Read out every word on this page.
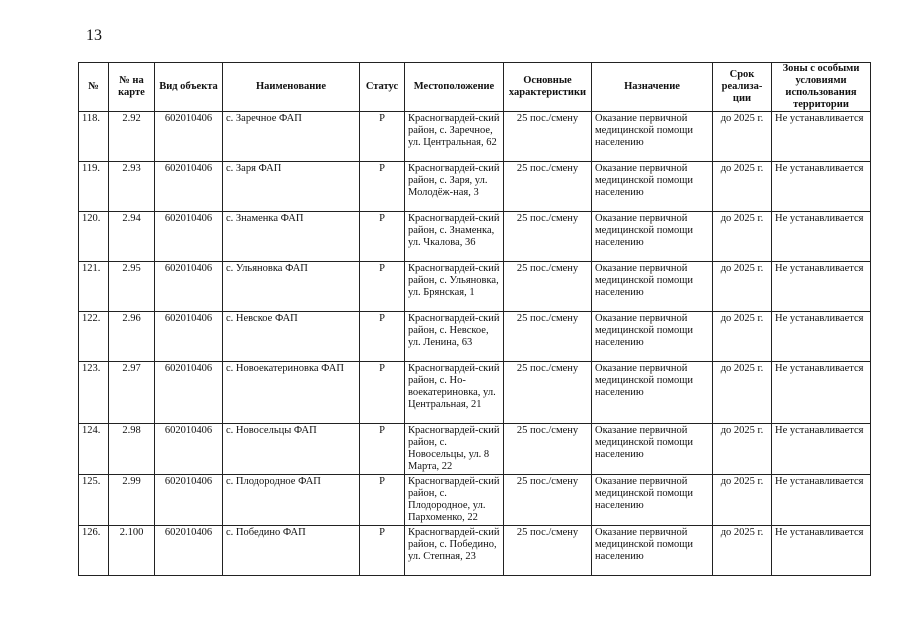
13
№	№ на карте	Вид объекта	Наименование	Статус	Местоположение	Основные характеристики	Назначение	Срок реализа-ции	Зоны с особыми условиями использования территории
118.	2.92	602010406	с. Заречное ФАП	Р	Красногвардей-ский район, с. Заречное, ул. Центральная, 62	25 пос./смену	Оказание первичной медицинской помощи населению	до 2025 г.	Не устанавливается
119.	2.93	602010406	с. Заря ФАП	Р	Красногвардей-ский район, с. Заря, ул. Молодёж-ная, 3	25 пос./смену	Оказание первичной медицинской помощи населению	до 2025 г.	Не устанавливается
120.	2.94	602010406	с. Знаменка ФАП	Р	Красногвардей-ский район, с. Знаменка, ул. Чкалова, 36	25 пос./смену	Оказание первичной медицинской помощи населению	до 2025 г.	Не устанавливается
121.	2.95	602010406	с. Ульяновка ФАП	Р	Красногвардей-ский район, с. Ульяновка, ул. Брянская, 1	25 пос./смену	Оказание первичной медицинской помощи населению	до 2025 г.	Не устанавливается
122.	2.96	602010406	с. Невское ФАП	Р	Красногвардей-ский район, с. Невское, ул. Ленина, 63	25 пос./смену	Оказание первичной медицинской помощи населению	до 2025 г.	Не устанавливается
123.	2.97	602010406	с. Новоекатериновка ФАП	Р	Красногвардей-ский район, с. Но-воекатериновка, ул. Центральная, 21	25 пос./смену	Оказание первичной медицинской помощи населению	до 2025 г.	Не устанавливается
124.	2.98	602010406	с. Новосельцы ФАП	Р	Красногвардей-ский район, с. Новосельцы, ул. 8 Марта, 22	25 пос./смену	Оказание первичной медицинской помощи населению	до 2025 г.	Не устанавливается
125.	2.99	602010406	с. Плодородное ФАП	Р	Красногвардей-ский район, с. Плодородное, ул. Пархоменко, 22	25 пос./смену	Оказание первичной медицинской помощи населению	до 2025 г.	Не устанавливается
126.	2.100	602010406	с. Победино ФАП	Р	Красногвардей-ский район, с. Победино, ул. Степная, 23	25 пос./смену	Оказание первичной медицинской помощи населению	до 2025 г.	Не устанавливается
